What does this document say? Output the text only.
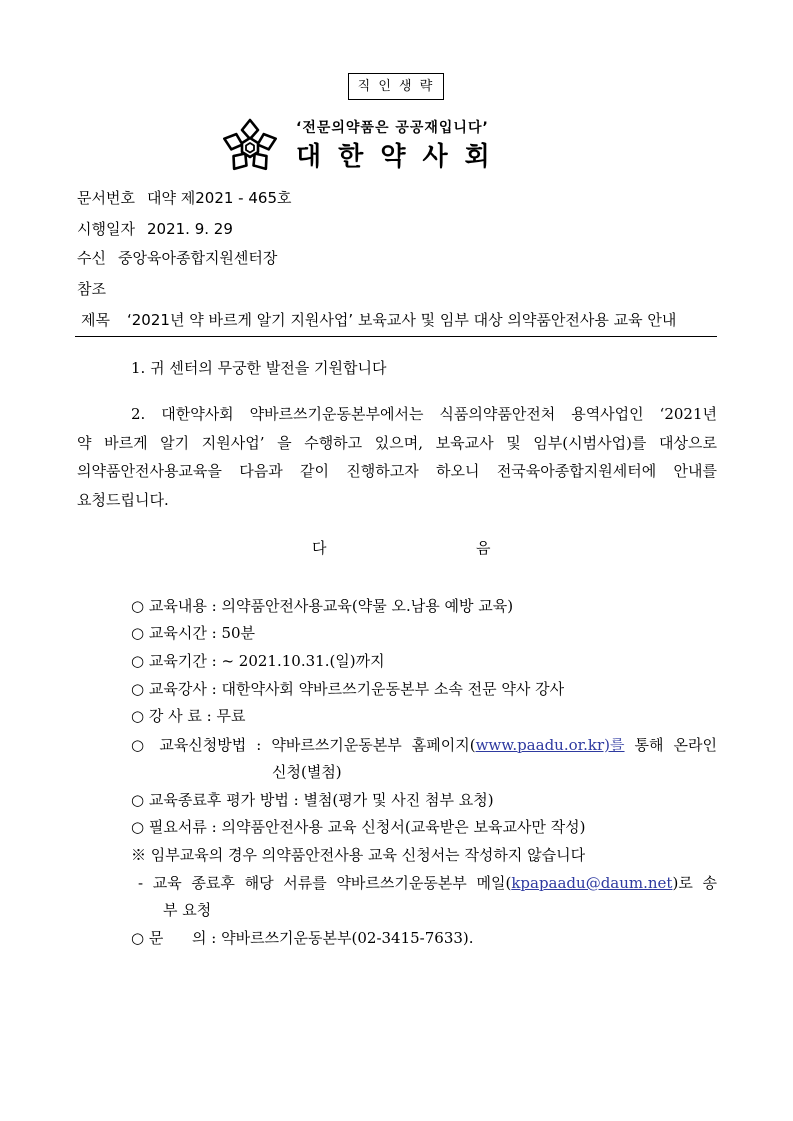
직 인 생 략
‘전문의약품은 공공재입니다’
대 한 약 사 회
문서번호 대약 제2021 - 465호
시행일자 2021. 9. 29
수신 중앙육아종합지원센터장
참조
제목 ‘2021년 약 바르게 알기 지원사업’ 보육교사 및 임부 대상 의약품안전사용 교육 안내
1. 귀 센터의 무궁한 발전을 기원합니다
2. 대한약사회 약바르쓰기운동본부에서는 식품의약품안전처 용역사업인 ‘2021년
약 바르게 알기 지원사업’ 을 수행하고 있으며, 보육교사 및 임부(시범사업)를 대상으로
의약품안전사용교육을 다음과 같이 진행하고자 하오니 전국육아종합지원세터에 안내를
요청드립니다.
다	음
○ 교육내용 : 의약품안전사용교육(약물 오.남용 예방 교육)
○ 교육시간 : 50분
○ 교육기간 : ~ 2021.10.31.(일)까지
○ 교육강사 : 대한약사회 약바르쓰기운동본부 소속 전문 약사 강사
○ 강 사 료 : 무료
○ 교육신청방법 : 약바르쓰기운동본부 홈페이지(www.paadu.or.kr)를 통해 온라인
신청(별첨)
○ 교육종료후 평가 방법 : 별첨(평가 및 사진 첨부 요청)
○ 필요서류 : 의약품안전사용 교육 신청서(교육받은 보육교사만 작성)
※ 임부교육의 경우 의약품안전사용 교육 신청서는 작성하지 않습니다
- 교육 종료후 해당 서류를 약바르쓰기운동본부 메일(kpapaadu@daum.net)로 송
부 요청
○ 문      의 : 약바르쓰기운동본부(02-3415-7633).
